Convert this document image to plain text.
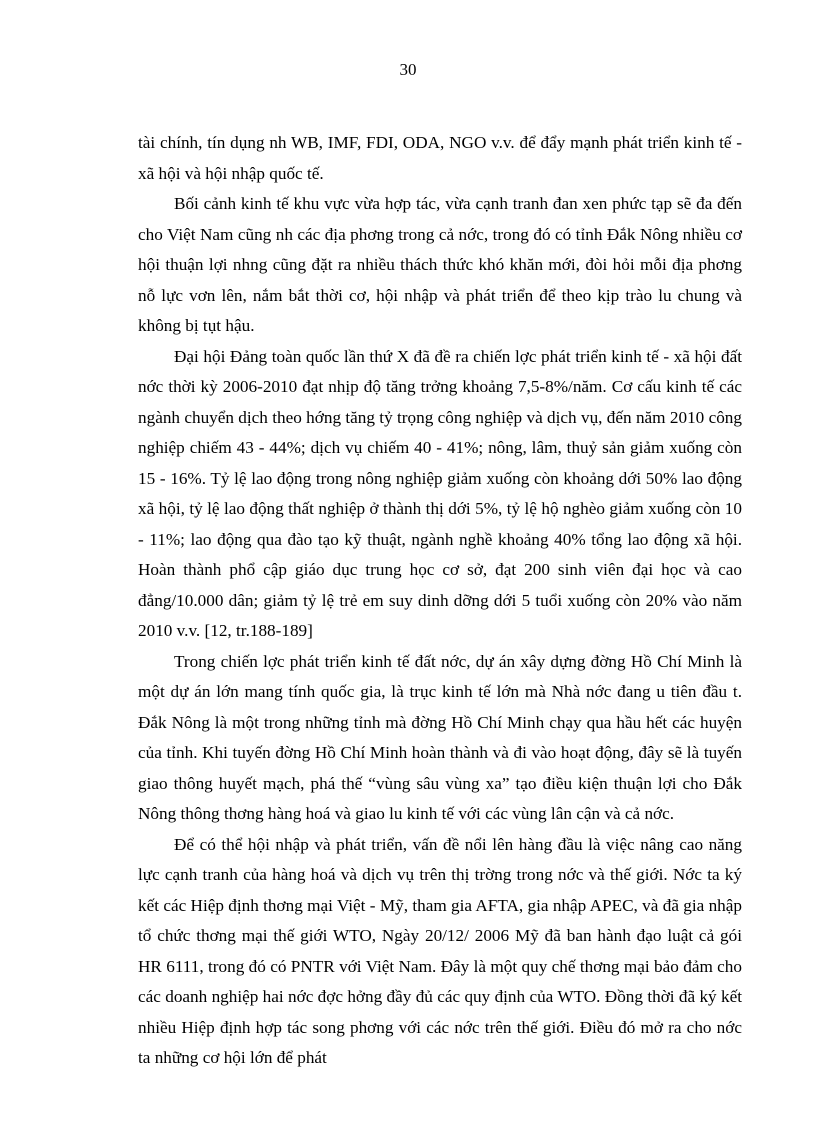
30

tài chính, tín dụng nh WB, IMF, FDI, ODA, NGO v.v. để đẩy mạnh phát triển kinh tế - xã hội và hội nhập quốc tế.

Bối cảnh kinh tế khu vực vừa hợp tác, vừa cạnh tranh đan xen phức tạp sẽ đa đến cho Việt Nam cũng nh các địa phơng trong cả nớc, trong đó có tỉnh Đắk Nông nhiều cơ hội thuận lợi nhng cũng đặt ra nhiều thách thức khó khăn mới, đòi hỏi mỗi địa phơng nỗ lực vơn lên, nắm bắt thời cơ, hội nhập và phát triển để theo kịp trào lu chung và không bị tụt hậu.

Đại hội Đảng toàn quốc lần thứ X đã đề ra chiến lợc phát triển kinh tế - xã hội đất nớc thời kỳ 2006-2010 đạt nhịp độ tăng trởng khoảng 7,5-8%/năm. Cơ cấu kinh tế các ngành chuyển dịch theo hớng tăng tỷ trọng công nghiệp và dịch vụ, đến năm 2010 công nghiệp chiếm 43 - 44%; dịch vụ chiếm 40 - 41%; nông, lâm, thuỷ sản giảm xuống còn 15 - 16%. Tỷ lệ lao động trong nông nghiệp giảm xuống còn khoảng dới 50% lao động xã hội, tỷ lệ lao động thất nghiệp ở thành thị dới 5%, tỷ lệ hộ nghèo giảm xuống còn 10 - 11%; lao động qua đào tạo kỹ thuật, ngành nghề khoảng 40% tổng lao động xã hội. Hoàn thành phổ cập giáo dục trung học cơ sở, đạt 200 sinh viên đại học và cao đẳng/10.000 dân; giảm tỷ lệ trẻ em suy dinh dỡng dới 5 tuổi xuống còn 20% vào năm 2010 v.v. [12, tr.188-189]

Trong chiến lợc phát triển kinh tế đất nớc, dự án xây dựng đờng Hồ Chí Minh là một dự án lớn mang tính quốc gia, là trục kinh tế lớn mà Nhà nớc đang u tiên đầu t. Đắk Nông là một trong những tỉnh mà đờng Hồ Chí Minh chạy qua hầu hết các huyện của tỉnh. Khi tuyến đờng Hồ Chí Minh hoàn thành và đi vào hoạt động, đây sẽ là tuyến giao thông huyết mạch, phá thế “vùng sâu vùng xa” tạo điều kiện thuận lợi cho Đắk Nông thông thơng hàng hoá và giao lu kinh tế với các vùng lân cận và cả nớc.

Để có thể hội nhập và phát triển, vấn đề nổi lên hàng đầu là việc nâng cao năng lực cạnh tranh của hàng hoá và dịch vụ trên thị trờng trong nớc và thế giới. Nớc ta ký kết các Hiệp định thơng mại Việt - Mỹ, tham gia AFTA, gia nhập APEC, và đã gia nhập tổ chức thơng mại thế giới WTO, Ngày 20/12/ 2006 Mỹ đã ban hành đạo luật cả gói HR 6111, trong đó có PNTR với Việt Nam. Đây là một quy chế thơng mại bảo đảm cho các doanh nghiệp hai nớc đợc hởng đầy đủ các quy định của WTO. Đồng thời đã ký kết nhiều Hiệp định hợp tác song phơng với các nớc trên thế giới. Điều đó mở ra cho nớc ta những cơ hội lớn để phát
